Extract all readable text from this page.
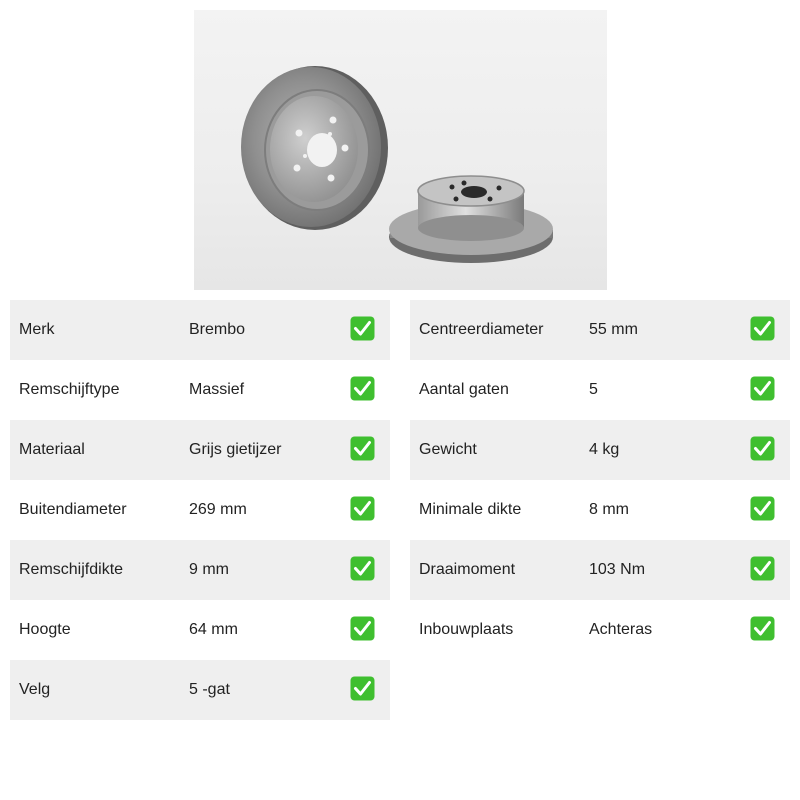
Merk	Brembo
Remschijftype	Massief
Materiaal	Grijs gietijzer
Buitendiameter	269 mm
Remschijfdikte	9 mm
Hoogte	64 mm
Velg	5 -gat
Centreerdiameter	55 mm
Aantal gaten	5
Gewicht	4 kg
Minimale dikte	8 mm
Draaimoment	103 Nm
Inbouwplaats	Achteras
